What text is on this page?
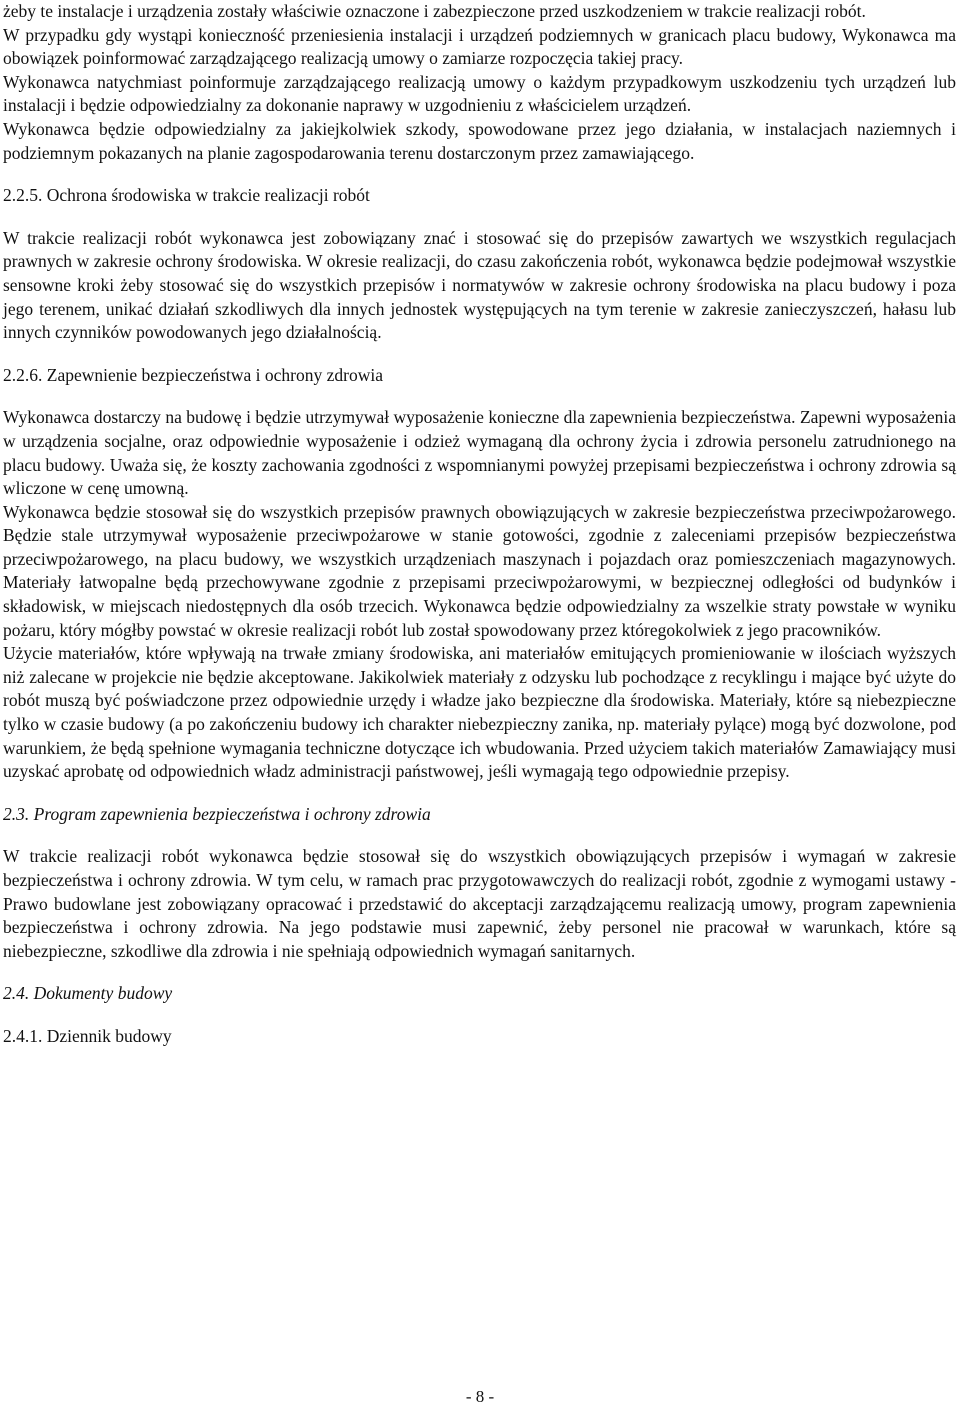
żeby te instalacje i urządzenia zostały właściwie oznaczone i zabezpieczone przed uszkodzeniem w trakcie realizacji robót.

W przypadku gdy wystąpi konieczność przeniesienia instalacji i urządzeń podziemnych w granicach placu budowy, Wykonawca ma obowiązek poinformować zarządzającego realizacją umowy o zamiarze rozpoczęcia takiej pracy.

Wykonawca natychmiast poinformuje zarządzającego realizacją umowy o każdym przypadkowym uszkodzeniu tych urządzeń lub instalacji i będzie odpowiedzialny za dokonanie naprawy w uzgodnieniu z właścicielem urządzeń.

Wykonawca będzie odpowiedzialny za jakiejkolwiek szkody, spowodowane przez jego działania, w instalacjach naziemnych i podziemnym pokazanych na planie zagospodarowania terenu dostarczonym przez zamawiającego.

2.2.5. Ochrona środowiska w trakcie realizacji robót

W trakcie realizacji robót wykonawca jest zobowiązany znać i stosować się do przepisów zawartych we wszystkich regulacjach prawnych w zakresie ochrony środowiska. W okresie realizacji, do czasu zakończenia robót, wykonawca będzie podejmował wszystkie sensowne kroki żeby stosować się do wszystkich przepisów i normatywów w zakresie ochrony środowiska na placu budowy i poza jego terenem, unikać działań szkodliwych dla innych jednostek występujących na tym terenie w zakresie zanieczyszczeń, hałasu lub innych czynników powodowanych jego działalnością.

2.2.6. Zapewnienie bezpieczeństwa i ochrony zdrowia

Wykonawca dostarczy na budowę i będzie utrzymywał wyposażenie konieczne dla zapewnienia bezpieczeństwa. Zapewni wyposażenia w urządzenia socjalne, oraz odpowiednie wyposażenie i odzież wymaganą dla ochrony życia i zdrowia personelu zatrudnionego na placu budowy. Uważa się, że koszty zachowania zgodności z wspomnianymi powyżej przepisami bezpieczeństwa i ochrony zdrowia są wliczone w cenę umowną.

Wykonawca będzie stosował się do wszystkich przepisów prawnych obowiązujących w zakresie bezpieczeństwa przeciwpożarowego. Będzie stale utrzymywał wyposażenie przeciwpożarowe w stanie gotowości, zgodnie z zaleceniami przepisów bezpieczeństwa przeciwpożarowego, na placu budowy, we wszystkich urządzeniach maszynach i pojazdach oraz pomieszczeniach magazynowych. Materiały łatwopalne będą przechowywane zgodnie z przepisami przeciwpożarowymi, w bezpiecznej odległości od budynków i składowisk, w miejscach niedostępnych dla osób trzecich. Wykonawca będzie odpowiedzialny za wszelkie straty powstałe w wyniku pożaru, który mógłby powstać w okresie realizacji robót lub został spowodowany przez któregokolwiek z jego pracowników.

Użycie materiałów, które wpływają na trwałe zmiany środowiska, ani materiałów emitujących promieniowanie w ilościach wyższych niż zalecane w projekcie nie będzie akceptowane. Jakikolwiek materiały z odzysku lub pochodzące z recyklingu i mające być użyte do robót muszą być poświadczone przez odpowiednie urzędy i władze jako bezpieczne dla środowiska. Materiały, które są niebezpieczne tylko w czasie budowy (a po zakończeniu budowy ich charakter niebezpieczny zanika, np. materiały pylące) mogą być dozwolone, pod warunkiem, że będą spełnione wymagania techniczne dotyczące ich wbudowania. Przed użyciem takich materiałów Zamawiający musi uzyskać aprobatę od odpowiednich władz administracji państwowej, jeśli wymagają tego odpowiednie przepisy.

2.3. Program zapewnienia bezpieczeństwa i ochrony zdrowia

W trakcie realizacji robót wykonawca będzie stosował się do wszystkich obowiązujących przepisów i wymagań w zakresie bezpieczeństwa i ochrony zdrowia. W tym celu, w ramach prac przygotowawczych do realizacji robót, zgodnie z wymogami ustawy - Prawo budowlane jest zobowiązany opracować i przedstawić do akceptacji zarządzającemu realizacją umowy, program zapewnienia bezpieczeństwa i ochrony zdrowia. Na jego podstawie musi zapewnić, żeby personel nie pracował w warunkach, które są niebezpieczne, szkodliwe dla zdrowia i nie spełniają odpowiednich wymagań sanitarnych.

2.4. Dokumenty budowy
2.4.1. Dziennik budowy
- 8 -
